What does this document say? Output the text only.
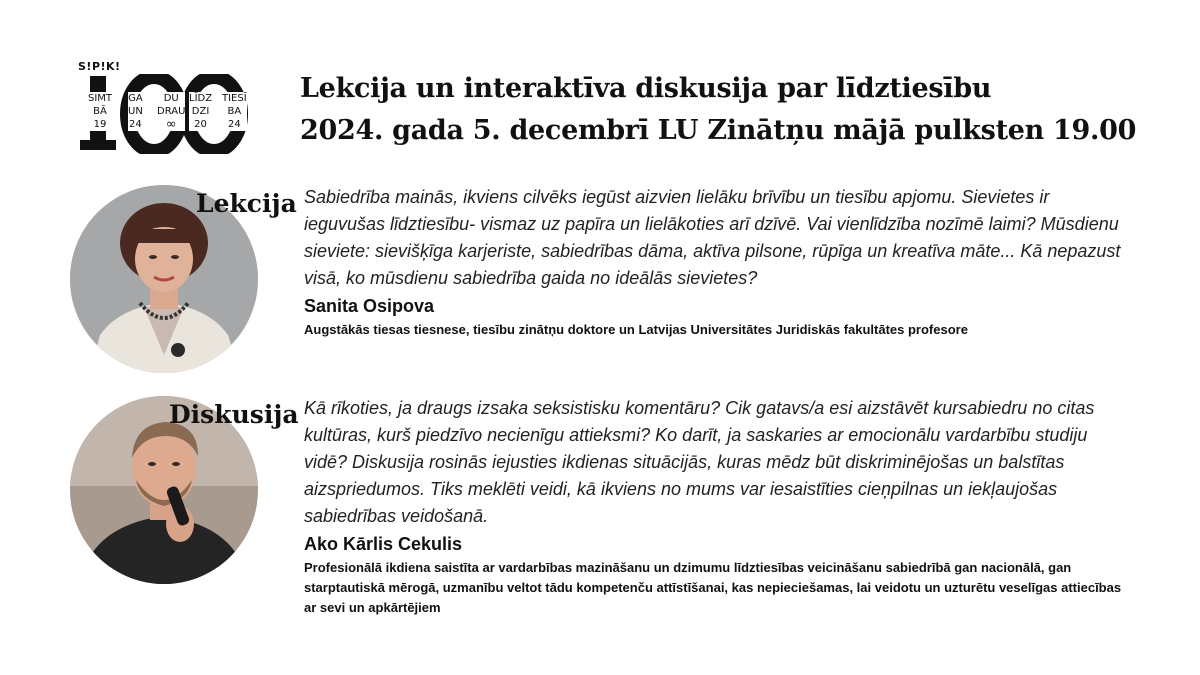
S!P!K!
SIMT
BĀ
19
GA
UN
24
DU
DRAU
∞
LĪDZ
DZI
20
TIESĪ
BA
24
Lekcija un interaktīva diskusija par līdztiesību
2024. gada 5. decembrī LU Zinātņu mājā pulksten 19.00
Lekcija Sabiedrība mainās, ikviens cilvēks iegūst aizvien lielāku brīvību un tiesību apjomu. Sievietes ir ieguvušas līdztiesību- vismaz uz papīra un lielākoties arī dzīvē. Vai vienlīdzība nozīmē laimi? Mūsdienu sieviete: sievišķīga karjeriste, sabiedrības dāma, aktīva pilsone, rūpīga un kreatīva māte... Kā nepazust visā, ko mūsdienu sabiedrība gaida no ideālās sievietes?
Sanita Osipova
Augstākās tiesas tiesnese, tiesību zinātņu doktore un Latvijas Universitātes Juridiskās fakultātes profesore
Diskusija Kā rīkoties, ja draugs izsaka seksistisku komentāru? Cik gatavs/a esi aizstāvēt kursabiedru no citas kultūras, kurš piedzīvo necienīgu attieksmi? Ko darīt, ja saskaries ar emocionālu vardarbību studiju vidē? Diskusija rosinās iejusties ikdienas situācijās, kuras mēdz būt diskriminējošas un balstītas aizspriedumos. Tiks meklēti veidi, kā ikviens no mums var iesaistīties cieņpilnas un iekļaujošas sabiedrības veidošanā.
Ako Kārlis Cekulis
Profesionālā ikdiena saistīta ar vardarbības mazināšanu un dzimumu līdztiesības veicināšanu sabiedrībā gan nacionālā, gan starptautiskā mērogā, uzmanību veltot tādu kompetenču attīstīšanai, kas nepieciešamas, lai veidotu un uzturētu veselīgas attiecības ar sevi un apkārtējiem
